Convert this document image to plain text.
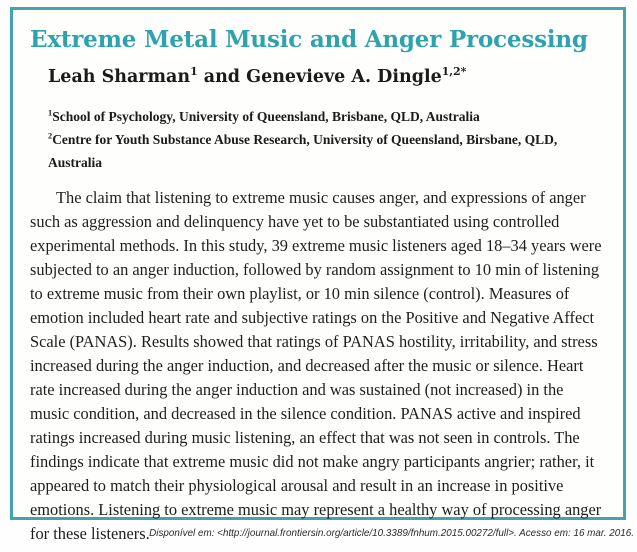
Extreme Metal Music and Anger Processing
Leah Sharman$^1$ and Genevieve A. Dingle$^{1,2*}$

$^1$School of Psychology, University of Queensland, Brisbane, QLD, Australia

$^2$Centre for Youth Substance Abuse Research, University of Queensland, Birsbane, QLD, Australia

The claim that listening to extreme music causes anger, and expressions of anger such as aggression and delinquency have yet to be substantiated using controlled experimental methods. In this study, 39 extreme music listeners aged 18–34 years were subjected to an anger induction, followed by random assignment to 10 min of listening to extreme music from their own playlist, or 10 min silence (control). Measures of emotion included heart rate and subjective ratings on the Positive and Negative Affect Scale (PANAS). Results showed that ratings of PANAS hostility, irritability, and stress increased during the anger induction, and decreased after the music or silence. Heart rate increased during the anger induction and was sustained (not increased) in the music condition, and decreased in the silence condition. PANAS active and inspired ratings increased during music listening, an effect that was not seen in controls. The findings indicate that extreme music did not make angry participants angrier; rather, it appeared to match their physiological arousal and result in an increase in positive emotions. Listening to extreme music may represent a healthy way of processing anger for these listeners. Disponível em: <http://journal.frontiersin.org/article/10.3389/fnhum.2015.00272/full>. Acesso em: 16 mar. 2016.
